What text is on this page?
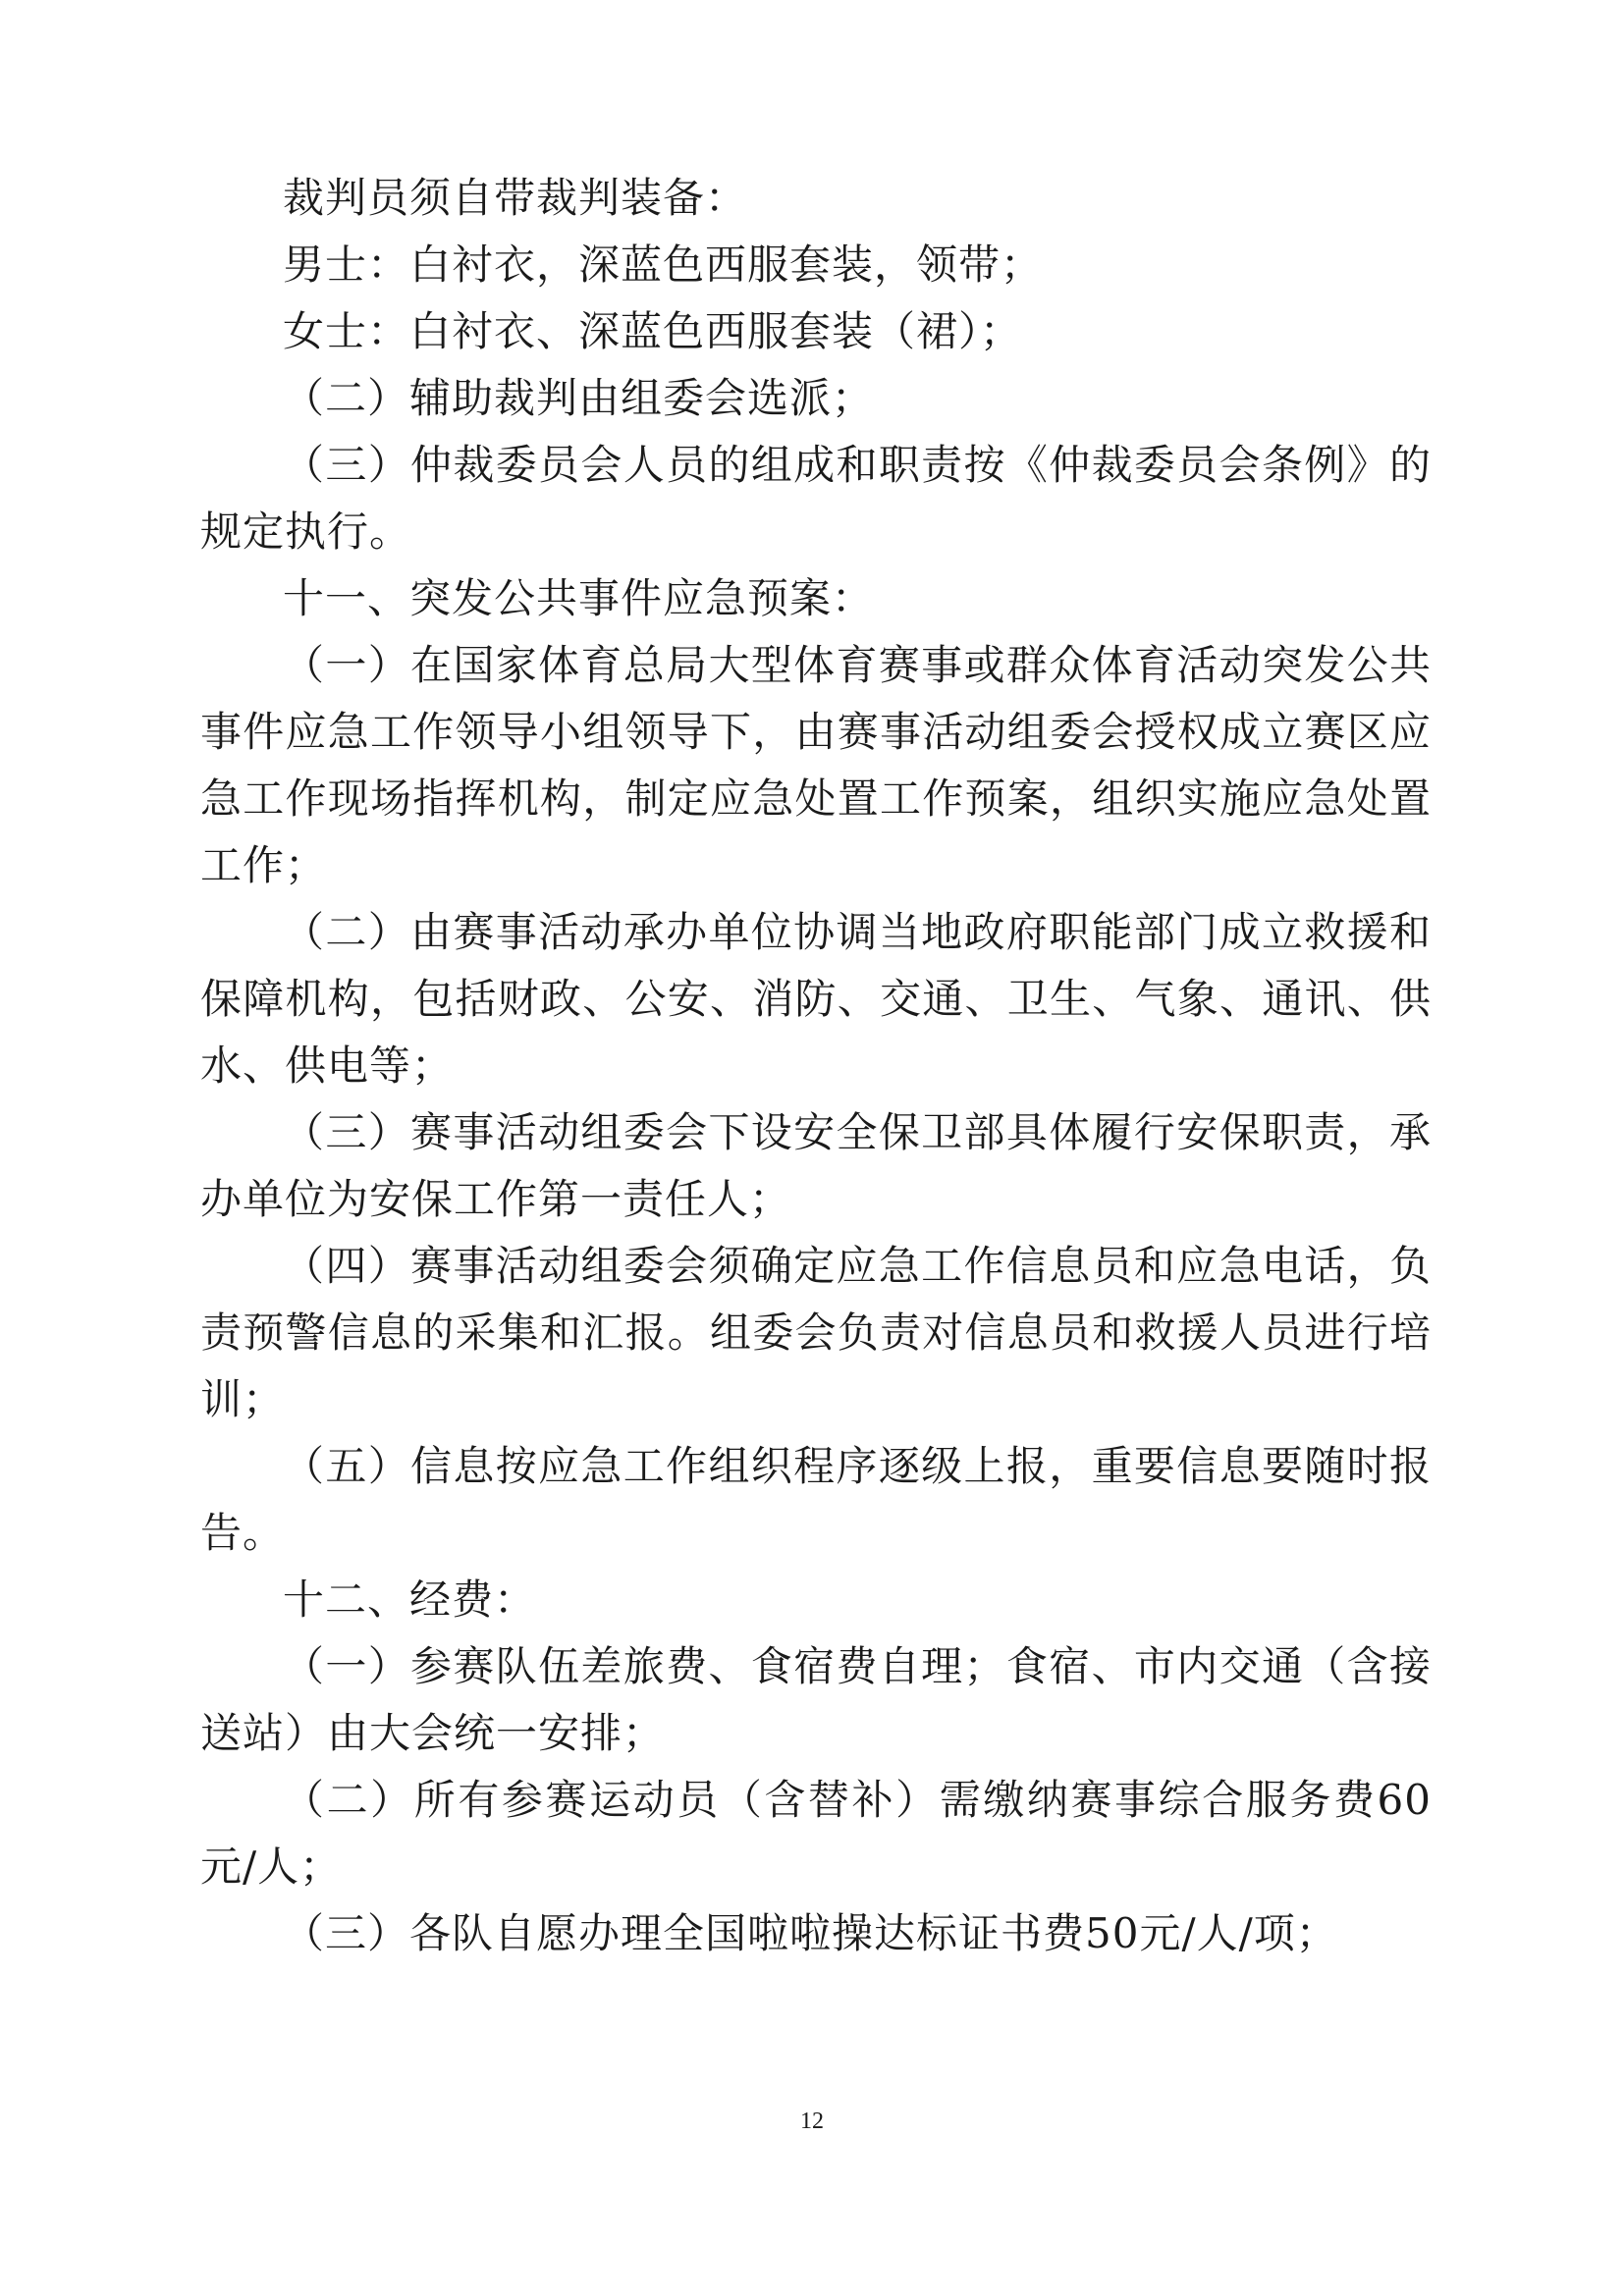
裁判员须自带裁判装备：

男士：白衬衣，深蓝色西服套装，领带；

女士：白衬衣、深蓝色西服套装（裙）；

（二）辅助裁判由组委会选派；

（三）仲裁委员会人员的组成和职责按《仲裁委员会条例》的规定执行。

十一、突发公共事件应急预案：

（一）在国家体育总局大型体育赛事或群众体育活动突发公共事件应急工作领导小组领导下，由赛事活动组委会授权成立赛区应急工作现场指挥机构，制定应急处置工作预案，组织实施应急处置工作；

（二）由赛事活动承办单位协调当地政府职能部门成立救援和保障机构，包括财政、公安、消防、交通、卫生、气象、通讯、供水、供电等；

（三）赛事活动组委会下设安全保卫部具体履行安保职责，承办单位为安保工作第一责任人；

（四）赛事活动组委会须确定应急工作信息员和应急电话，负责预警信息的采集和汇报。组委会负责对信息员和救援人员进行培训；

（五）信息按应急工作组织程序逐级上报，重要信息要随时报告。

十二、经费：

（一）参赛队伍差旅费、食宿费自理；食宿、市内交通（含接送站）由大会统一安排；

（二）所有参赛运动员（含替补）需缴纳赛事综合服务费60元/人；

（三）各队自愿办理全国啦啦操达标证书费50元/人/项；

12
